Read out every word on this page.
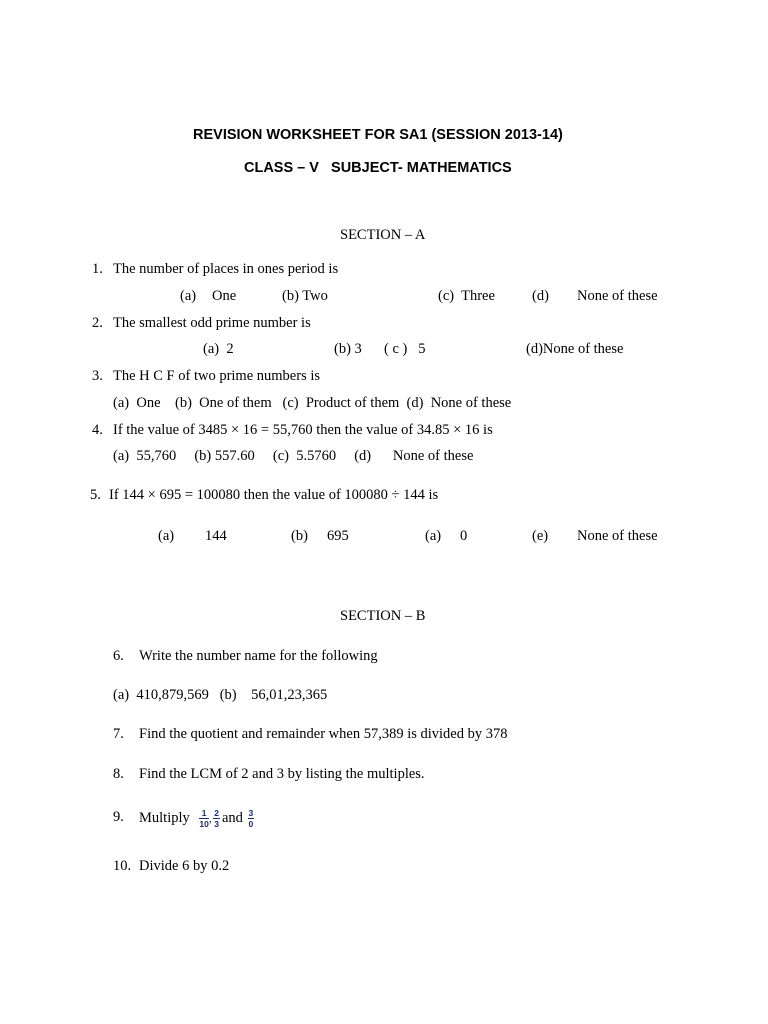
REVISION WORKSHEET FOR SA1 (SESSION 2013-14)
CLASS – V   SUBJECT- MATHEMATICS
SECTION – A
1. The number of places in ones period is
(a) One	(b) Two	(c)  Three	(d) None of these
2. The smallest odd prime number is
(a)  2	(b) 3 ( c )   5	(d)None of these
3. The H C F of two prime numbers is
(a)  One    (b)  One of them   (c)  Product of them  (d)  None of these
4. If the value of 3485 × 16 = 55,760 then the value of 34.85 × 16 is
(a)  55,760     (b) 557.60     (c)  5.5760     (d)      None of these
5. If 144 × 695 = 100080 then the value of 100080 ÷ 144 is
(a) 144	(b) 695	(a) 0	(e) None of these
SECTION – B
6. Write the number name for the following
(a)  410,879,569   (b)    56,01,23,365
7. Find the quotient and remainder when 57,389 is divided by 378
8. Find the LCM of 2 and 3 by listing the multiples.
9. Multiply $\frac{1}{10}$ , $\frac{2}{3}$ and $\frac{3}{0}$
10. Divide 6 by 0.2
